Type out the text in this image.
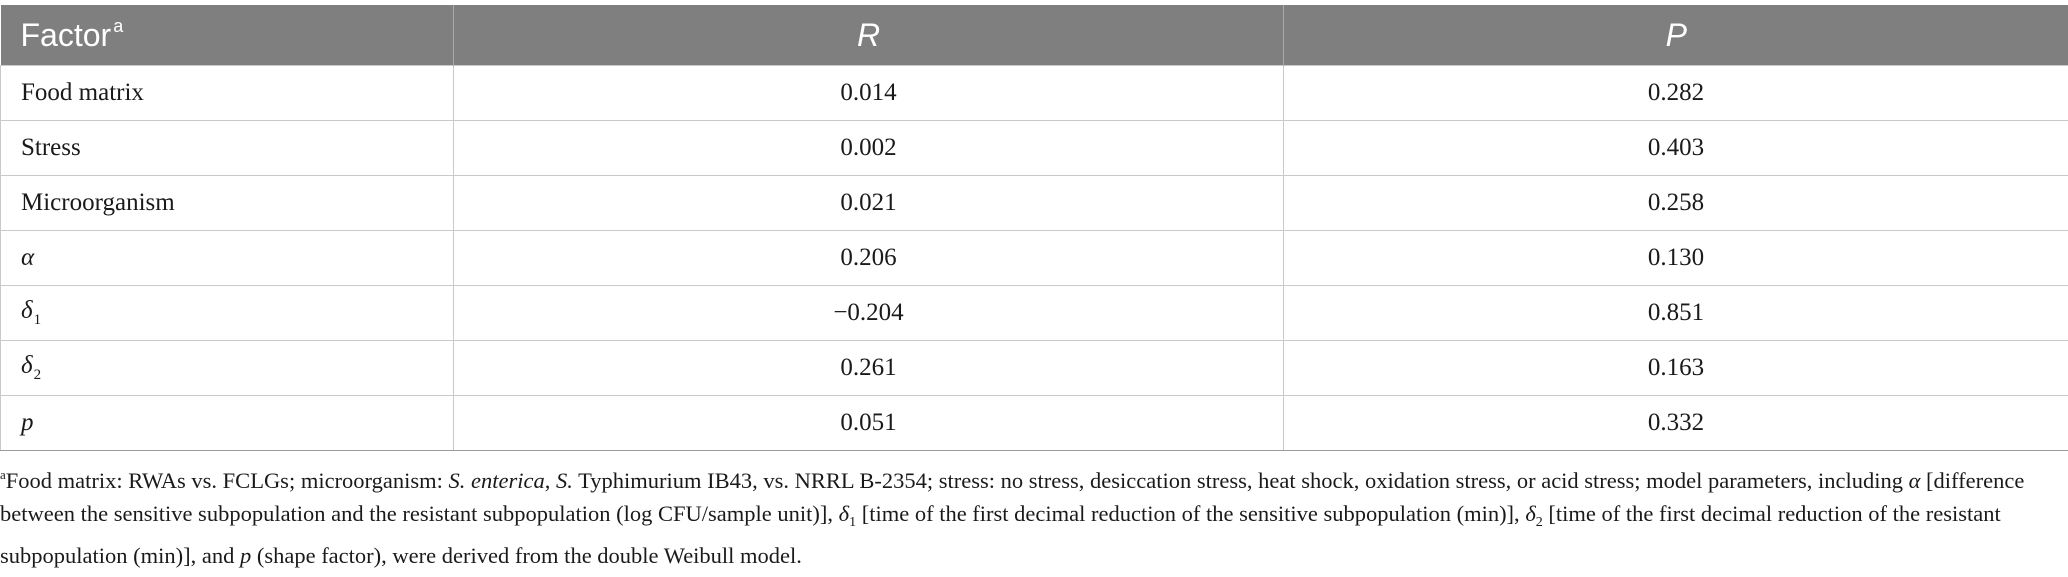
Factor $^a$	R	P
Food matrix	0.014	0.282
Stress	0.002	0.403
Microorganism	0.021	0.258
α	0.206	0.130
$\delta_1$	−0.204	0.851
$\delta_2$	0.261	0.163
p	0.051	0.332
$^a$Food matrix: RWAs vs. FCLGs; microorganism: S. enterica, S. Typhimurium IB43, vs. NRRL B-2354; stress: no stress, desiccation stress, heat shock, oxidation stress, or acid stress; model parameters, including α [difference between the sensitive subpopulation and the resistant subpopulation (log CFU/sample unit)], $\delta_1$ [time of the first decimal reduction of the sensitive subpopulation (min)], $\delta_2$ [time of the first decimal reduction of the resistant subpopulation (min)], and p (shape factor), were derived from the double Weibull model.
